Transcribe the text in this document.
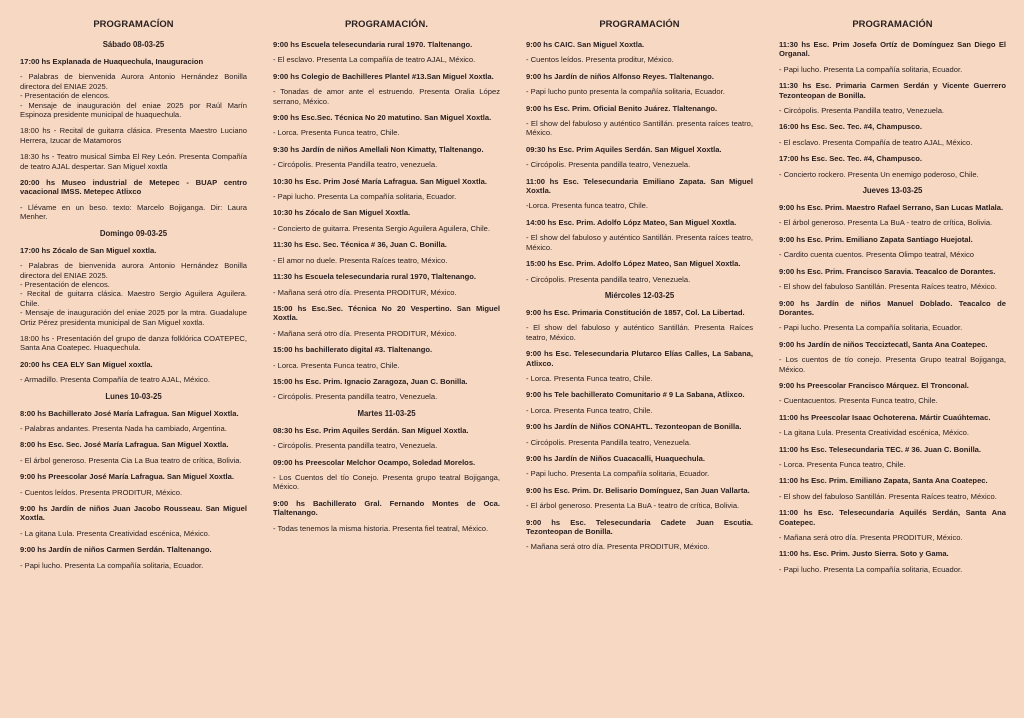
PROGRAMACÍON
Sábado 08-03-25
17:00 hs Explanada de Huaquechula, Inauguracion
- Palabras de bienvenida Aurora Antonio Hernández Bonilla directora del ENIAE 2025.
- Presentación de elencos.
- Mensaje de inauguración del eniae 2025 por Raúl Marín Espinoza presidente municipal de huaquechula.
18:00 hs - Recital de guitarra clásica. Presenta Maestro Luciano Herrera, Izucar de Matamoros
18:30 hs - Teatro musical Simba El Rey León. Presenta Compañía de teatro AJAL despertar. San Miguel xoxtla
20:00 hs Museo industrial de Metepec - BUAP centro vacacional IMSS. Metepec Atlixco
- Llévame en un beso. texto: Marcelo Bojiganga. Dir: Laura Menher.
Domingo 09-03-25
17:00 hs Zócalo de San Miguel xoxtla.
- Palabras de bienvenida aurora Antonio Hernández Bonilla directora del ENIAE 2025.
- Presentación de elencos.
- Recital de guitarra clásica. Maestro Sergio Aguilera Aguilera. Chile.
- Mensaje de inauguración del eniae 2025 por la mtra. Guadalupe Ortiz Pérez presidenta municipal de San Miguel xoxtla.
18:00 hs - Presentación del grupo de danza folklórica COATEPEC, Santa Ana Coatepec. Huaquechula.
20:00 hs CEA ELY San Miguel xoxtla.
- Armadillo. Presenta Compañía de teatro AJAL, México.
Lunes 10-03-25
8:00 hs Bachillerato José María Lafragua. San Miguel Xoxtla.
- Palabras andantes. Presenta Nada ha cambiado, Argentina.
8:00 hs Esc. Sec. José María Lafragua. San Miguel Xoxtla.
- El árbol generoso. Presenta Cia La Bua teatro de crítica, Bolivia.
9:00 hs Preescolar José María Lafragua. San Miguel Xoxtla.
- Cuentos leídos. Presenta PRODITUR, México.
9:00 hs Jardín de niños Juan Jacobo Rousseau. San Miguel Xoxtla.
- La gitana Lula. Presenta Creatividad escénica, México.
9:00 hs Jardín de niños Carmen Serdán. Tlaltenango.
- Papi lucho. Presenta La compañía solitaria, Ecuador.
PROGRAMACIÓN.
9:00 hs Escuela telesecundaria rural 1970. Tlaltenango.
- El esclavo. Presenta La compañía de teatro AJAL, México.
9:00 hs Colegio de Bachilleres Plantel #13.San Miguel Xoxtla.
- Tonadas de amor ante el estruendo. Presenta Oralia López serrano, México.
9:00 hs Esc.Sec. Técnica No 20 matutino. San Miguel Xoxtla.
- Lorca. Presenta Funca teatro, Chile.
9:30 hs Jardín de niños Amellali Non Kimatty, Tlaltenango.
- Circópolis. Presenta Pandilla teatro, venezuela.
10:30 hs Esc. Prim José María Lafragua. San Miguel Xoxtla.
- Papi lucho. Presenta La compañía solitaria, Ecuador.
10:30 hs Zócalo de San Miguel Xoxtla.
- Concierto de guitarra. Presenta Sergio Aguilera Aguilera, Chile.
11:30 hs Esc. Sec. Técnica # 36, Juan C. Bonilla.
- El amor no duele. Presenta Raíces teatro, México.
11:30 hs Escuela telesecundaria rural 1970, Tlaltenango.
- Mañana será otro día. Presenta PRODITUR, México.
15:00 hs Esc.Sec. Técnica No 20 Vespertino. San Miguel Xoxtla.
- Mañana será otro día. Presenta PRODITUR, México.
15:00 hs bachillerato digital #3. Tlaltenango.
- Lorca. Presenta Funca teatro, Chile.
15:00 hs Esc. Prim. Ignacio Zaragoza, Juan C. Bonilla.
- Circópolis. Presenta pandilla teatro, Venezuela.
Martes 11-03-25
08:30 hs Esc. Prim Aquiles Serdán. San Miguel Xoxtla.
- Circópolis. Presenta pandilla teatro, Venezuela.
09:00 hs Preescolar Melchor Ocampo, Soledad Morelos.
- Los Cuentos del tío Conejo. Presenta grupo teatral Bojiganga, México.
9:00 hs Bachillerato Gral. Fernando Montes de Oca. Tlaltenango.
- Todas tenemos la misma historia. Presenta fiel teatral, México.
PROGRAMACIÓN
9:00 hs CAIC. San Miguel Xoxtla.
- Cuentos leídos. Presenta proditur, México.
9:00 hs Jardín de niños Alfonso Reyes. Tlaltenango.
- Papi lucho punto presenta la compañía solitaria, Ecuador.
9:00 hs Esc. Prim. Oficial Benito Juárez. Tlaltenango.
- El show del fabuloso y auténtico Santillán. presenta raíces teatro, México.
09:30 hs Esc. Prim Aquiles Serdán. San Miguel Xoxtla.
- Circópolis. Presenta pandilla teatro, Venezuela.
11:00 hs Esc. Telesecundaria Emiliano Zapata. San Miguel Xoxtla.
-Lorca. Presenta funca teatro, Chile.
14:00 hs Esc. Prim. Adolfo Lópz Mateo, San Miguel Xoxtla.
- El show del fabuloso y auténtico Santillán. Presenta raíces teatro, México.
15:00 hs Esc. Prim. Adolfo López Mateo, San Miguel Xoxtla.
- Circópolis. Presenta pandilla teatro, Venezuela.
Miércoles 12-03-25
9:00 hs Esc. Primaria Constitución de 1857, Col. La Libertad.
- El show del fabuloso y auténtico Santillán. Presenta Raíces teatro, México.
9:00 hs Esc. Telesecundaria Plutarco Elías Calles, La Sabana, Atlixco.
- Lorca. Presenta Funca teatro, Chile.
9:00 hs Tele bachillerato Comunitario # 9 La Sabana, Atlixco.
- Lorca. Presenta Funca teatro, Chile.
9:00 hs Jardín de Niños CONAHTL. Tezonteopan de Bonilla.
- Circópolis. Presenta Pandilla teatro, Venezuela.
9:00 hs Jardín de Niños Cuacacalli, Huaquechula.
- Papi lucho. Presenta La compañía solitaria, Ecuador.
9:00 hs Esc. Prim. Dr. Belisario Domínguez, San Juan Vallarta.
- El árbol generoso. Presenta La BuA - teatro de crítica, Bolivia.
9:00 hs Esc. Telesecundaria Cadete Juan Escutia. Tezonteopan de Bonilla.
- Mañana será otro día. Presenta PRODITUR, México.
PROGRAMACIÓN
11:30 hs Esc. Prim Josefa Ortíz de Domínguez San Diego El Organal.
- Papi lucho. Presenta La compañía solitaria, Ecuador.
11:30 hs Esc. Primaria Carmen Serdán y Vicente Guerrero Tezonteopan de Bonilla.
- Circópolis. Presenta Pandilla teatro, Venezuela.
16:00 hs Esc. Sec. Tec. #4, Champusco.
- El esclavo. Presenta Compañía de teatro AJAL, México.
17:00 hs Esc. Sec. Tec. #4, Champusco.
- Concierto rockero. Presenta Un enemigo poderoso, Chile.
Jueves 13-03-25
9:00 hs Esc. Prim. Maestro Rafael Serrano, San Lucas Matlala.
- El árbol generoso. Presenta La BuA - teatro de crítica, Bolivia.
9:00 hs Esc. Prim. Emiliano Zapata Santiago Huejotal.
- Cardito cuenta cuentos. Presenta Olimpo teatral, México
9:00 hs Esc. Prim. Francisco Saravia. Teacalco de Dorantes.
- El show del fabuloso Santillán. Presenta Raíces teatro, México.
9:00 hs Jardín de niños Manuel Doblado. Teacalco de Dorantes.
- Papi lucho. Presenta La compañía solitaria, Ecuador.
9:00 hs Jardín de niños Tecciztecatl, Santa Ana Coatepec.
- Los cuentos de tío conejo. Presenta Grupo teatral Bojiganga, México.
9:00 hs Preescolar Francisco Márquez. El Tronconal.
- Cuentacuentos. Presenta Funca teatro, Chile.
11:00 hs Preescolar Isaac Ochoterena. Mártir Cuaúhtemac.
- La gitana Lula. Presenta Creatividad escénica, México.
11:00 hs Esc. Telesecundaria TEC. # 36. Juan C. Bonilla.
- Lorca. Presenta Funca teatro, Chile.
11:00 hs Esc. Prim. Emiliano Zapata, Santa Ana Coatepec.
- El show del fabuloso Santillán. Presenta Raíces teatro, México.
11:00 hs Esc. Telesecundaria Aquilés Serdán, Santa Ana Coatepec.
- Mañana será otro día. Presenta PRODITUR, México.
11:00 hs. Esc. Prim. Justo Sierra. Soto y Gama.
- Papi lucho. Presenta La compañía solitaria, Ecuador.
